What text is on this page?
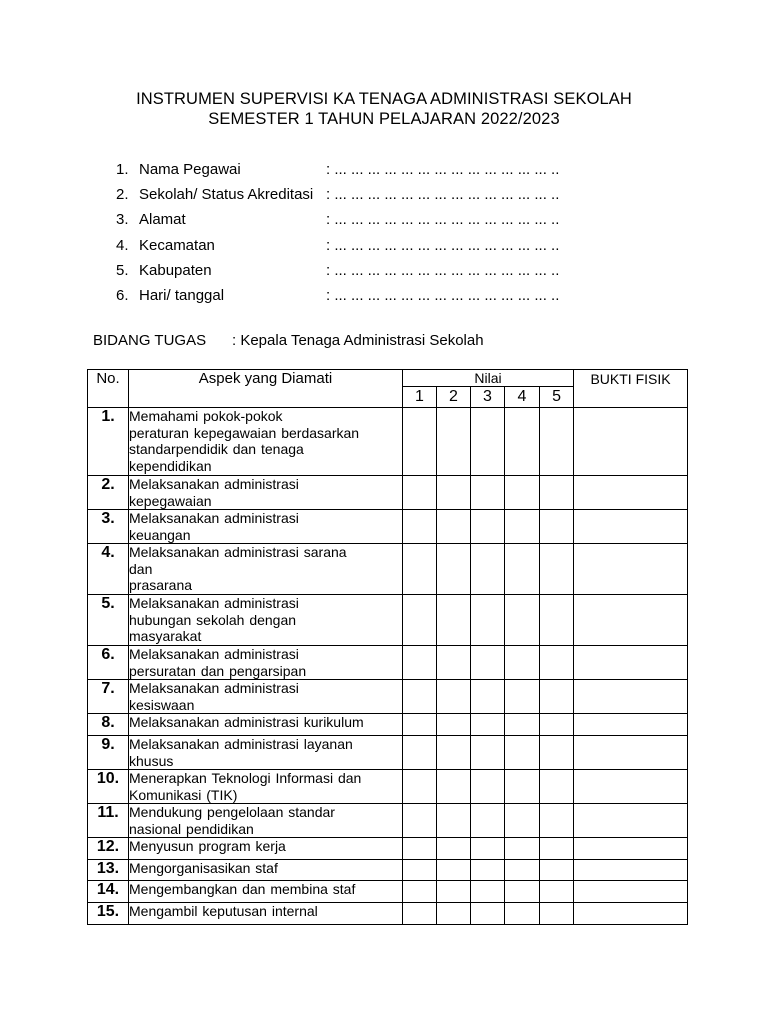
INSTRUMEN SUPERVISI KA TENAGA ADMINISTRASI SEKOLAH
SEMESTER 1 TAHUN PELAJARAN 2022/2023
1. Nama Pegawai	: ... ... ... ... ... ... ... ... ... ... ... ... ... ..
2. Sekolah/ Status Akreditasi : ... ... ... ... ... ... ... ... ... ... ... ... ... ..
3. Alamat	: ... ... ... ... ... ... ... ... ... ... ... ... ... ..
4. Kecamatan	: ... ... ... ... ... ... ... ... ... ... ... ... ... ..
5. Kabupaten	: ... ... ... ... ... ... ... ... ... ... ... ... ... ..
6. Hari/ tanggal	: ... ... ... ... ... ... ... ... ... ... ... ... ... ..
BIDANG TUGAS : Kepala Tenaga Administrasi Sekolah
No.	Aspek yang Diamati	Nilai					BUKTI FISIK
		1	2	3	4	5	
1.	Memahami pokok-pokok
peraturan kepegawaian berdasarkan
standarpendidik dan tenaga
kependidikan						

2.	Melaksanakan administrasi
kepegawaian						

3.	Melaksanakan administrasi
keuangan						

4.	Melaksanakan administrasi sarana
dan
prasarana						

5.	Melaksanakan administrasi
hubungan sekolah dengan
masyarakat						

6.	Melaksanakan administrasi
persuratan dan pengarsipan						

7.	Melaksanakan administrasi
kesiswaan						

8.	Melaksanakan administrasi kurikulum						

9.	Melaksanakan administrasi layanan
khusus						

10.	Menerapkan Teknologi Informasi dan
Komunikasi (TIK)						

11.	Mendukung pengelolaan standar
nasional pendidikan						

12.	Menyusun program kerja						

13.	Mengorganisasikan staf						

14.	Mengembangkan dan membina staf						

15.	Mengambil keputusan internal						
